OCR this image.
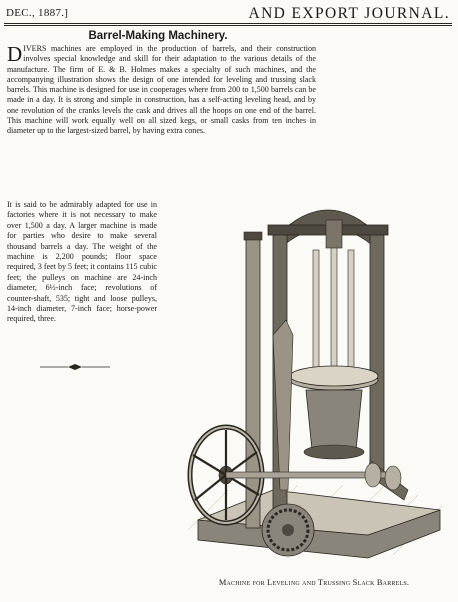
DEC., 1887.]	AND EXPORT JOURNAL.
Barrel-Making Machinery.
DIVERS machines are employed in the production of barrels, and their construction involves special knowledge and skill for their adaptation to the various details of the manufacture. The firm of E. & B. Holmes makes a specialty of such machines, and the accompanying illustration shows the design of one intended for leveling and trussing slack barrels. This machine is designed for use in cooperages where from 200 to 1,500 barrels can be made in a day. It is strong and simple in construction, has a self-acting leveling head, and by one revolution of the cranks levels the cask and drives all the hoops on one end of the barrel. This machine will work equally well on all sized kegs, or small casks from ten inches in diameter up to the largest-sized barrel, by having extra cones.
It is said to be admirably adapted for use in factories where it is not necessary to make over 1,500 a day. A larger machine is made for parties who desire to make several thousand barrels a day. The weight of the machine is 2,200 pounds; floor space required, 3 feet by 5 feet; it contains 115 cubic feet; the pulleys on machine are 24-inch diameter, 6½-inch face; revolutions of counter-shaft, 535; tight and loose pulleys, 14-inch diameter, 7-inch face; horse-power required, three.
Machine for Leveling and Trussing Slack Barrels.
